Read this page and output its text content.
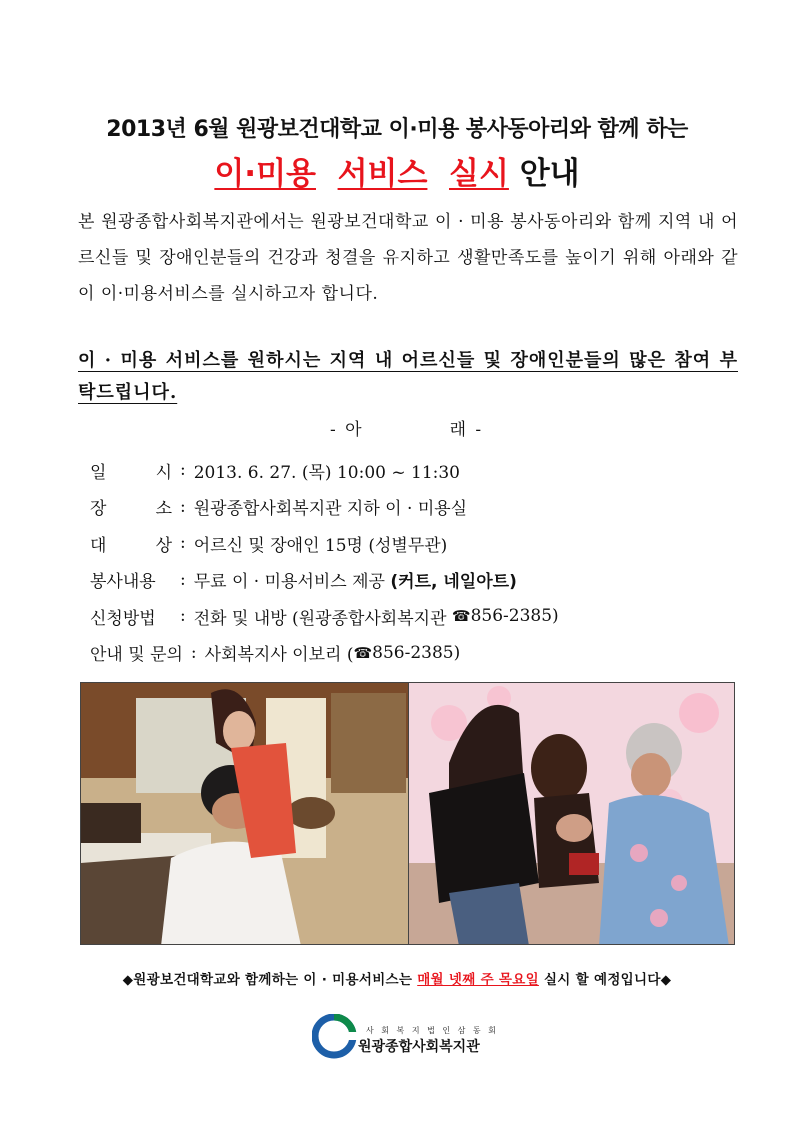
2013년 6월 원광보건대학교 이·미용 봉사동아리와 함께 하는
이·미용 서비스 실시 안내
본 원광종합사회복지관에서는 원광보건대학교 이 · 미용 봉사동아리와 함께 지역 내 어르신들 및 장애인분들의 건강과 청결을 유지하고 생활만족도를 높이기 위해 아래와 같이 이·미용서비스를 실시하고자 합니다.
이 · 미용 서비스를 원하시는 지역 내 어르신들 및 장애인분들의 많은 참여 부탁드립니다.
- 아	래 -
일 시 : 2013. 6. 27. (목) 10:00 ~ 11:30
장 소 : 원광종합사회복지관 지하 이 · 미용실
대 상 : 어르신 및 장애인 15명 (성별무관)
봉사내용	: 무료 이 · 미용서비스 제공
(커트, 네일아트)
신청방법	: 전화 및 내방 (원광종합사회복지관
☎ 856-2385)
안내 및 문의 : 사회복지사 이보리 ( ☎ 856-2385)
◆원광보건대학교와 함께하는 이 · 미용서비스는 매월 넷째 주 목요일 실시 할 예정입니다◆
사 회 복 지 법 인 삼 동 회
원광종합사회복지관
